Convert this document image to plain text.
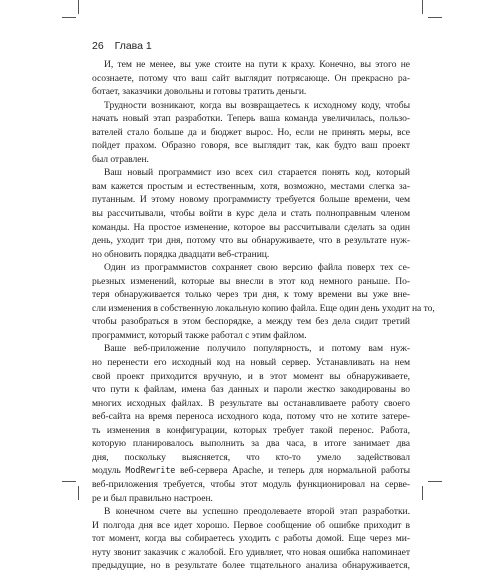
26 Глава 1
И, тем не менее, вы уже стоите на пути к краху. Конечно, вы этого не
осознаете, потому что ваш сайт выглядит потрясающе. Он прекрасно ра-
ботает, заказчики довольны и готовы тратить деньги.
Трудности возникают, когда вы возвращаетесь к исходному коду, чтобы
начать новый этап разработки. Теперь ваша команда увеличилась, пользо-
вателей стало больше да и бюджет вырос. Но, если не принять меры, все
пойдет прахом. Образно говоря, все выглядит так, как будто ваш проект
был отравлен.
Ваш новый программист изо всех сил старается понять код, который
вам кажется простым и естественным, хотя, возможно, местами слегка за-
путанным. И этому новому программисту требуется больше времени, чем
вы рассчитывали, чтобы войти в курс дела и стать полноправным членом
команды. На простое изменение, которое вы рассчитывали сделать за один
день, уходит три дня, потому что вы обнаруживаете, что в результате нуж-
но обновить порядка двадцати веб-страниц.
Один из программистов сохраняет свою версию файла поверх тех се-
рьезных изменений, которые вы внесли в этот код немного раньше. По-
теря обнаруживается только через три дня, к тому времени вы уже вне-
сли изменения в собственную локальную копию файла. Еще один день уходит на то,
чтобы разобраться в этом беспорядке, а между тем без дела сидит третий
программист, который также работал с этим файлом.
Ваше веб-приложение получило популярность, и потому вам нуж-
но перенести его исходный код на новый сервер. Устанавливать на нем
свой проект приходится вручную, и в этот момент вы обнаруживаете,
что пути к файлам, имена баз данных и пароли жестко закодированы во
многих исходных файлах. В результате вы останавливаете работу своего
веб-сайта на время переноса исходного кода, потому что не хотите затере-
ть изменения в конфигурации, которых требует такой перенос. Работа,
которую планировалось выполнить за два часа, в итоге занимает два
дня, поскольку выясняется, что кто-то умело задействовал
модуль ModRewrite веб-сервера Apache, и теперь для нормальной работы
веб-приложения требуется, чтобы этот модуль функционировал на серве-
ре и был правильно настроен.
В конечном счете вы успешно преодолеваете второй этап разработки.
И полгода дня все идет хорошо. Первое сообщение об ошибке приходит в
тот момент, когда вы собираетесь уходить с работы домой. Еще через ми-
нуту звонит заказчик с жалобой. Его удивляет, что новая ошибка напоминает
предыдущие, но в результате более тщательного анализа обнаруживается,
